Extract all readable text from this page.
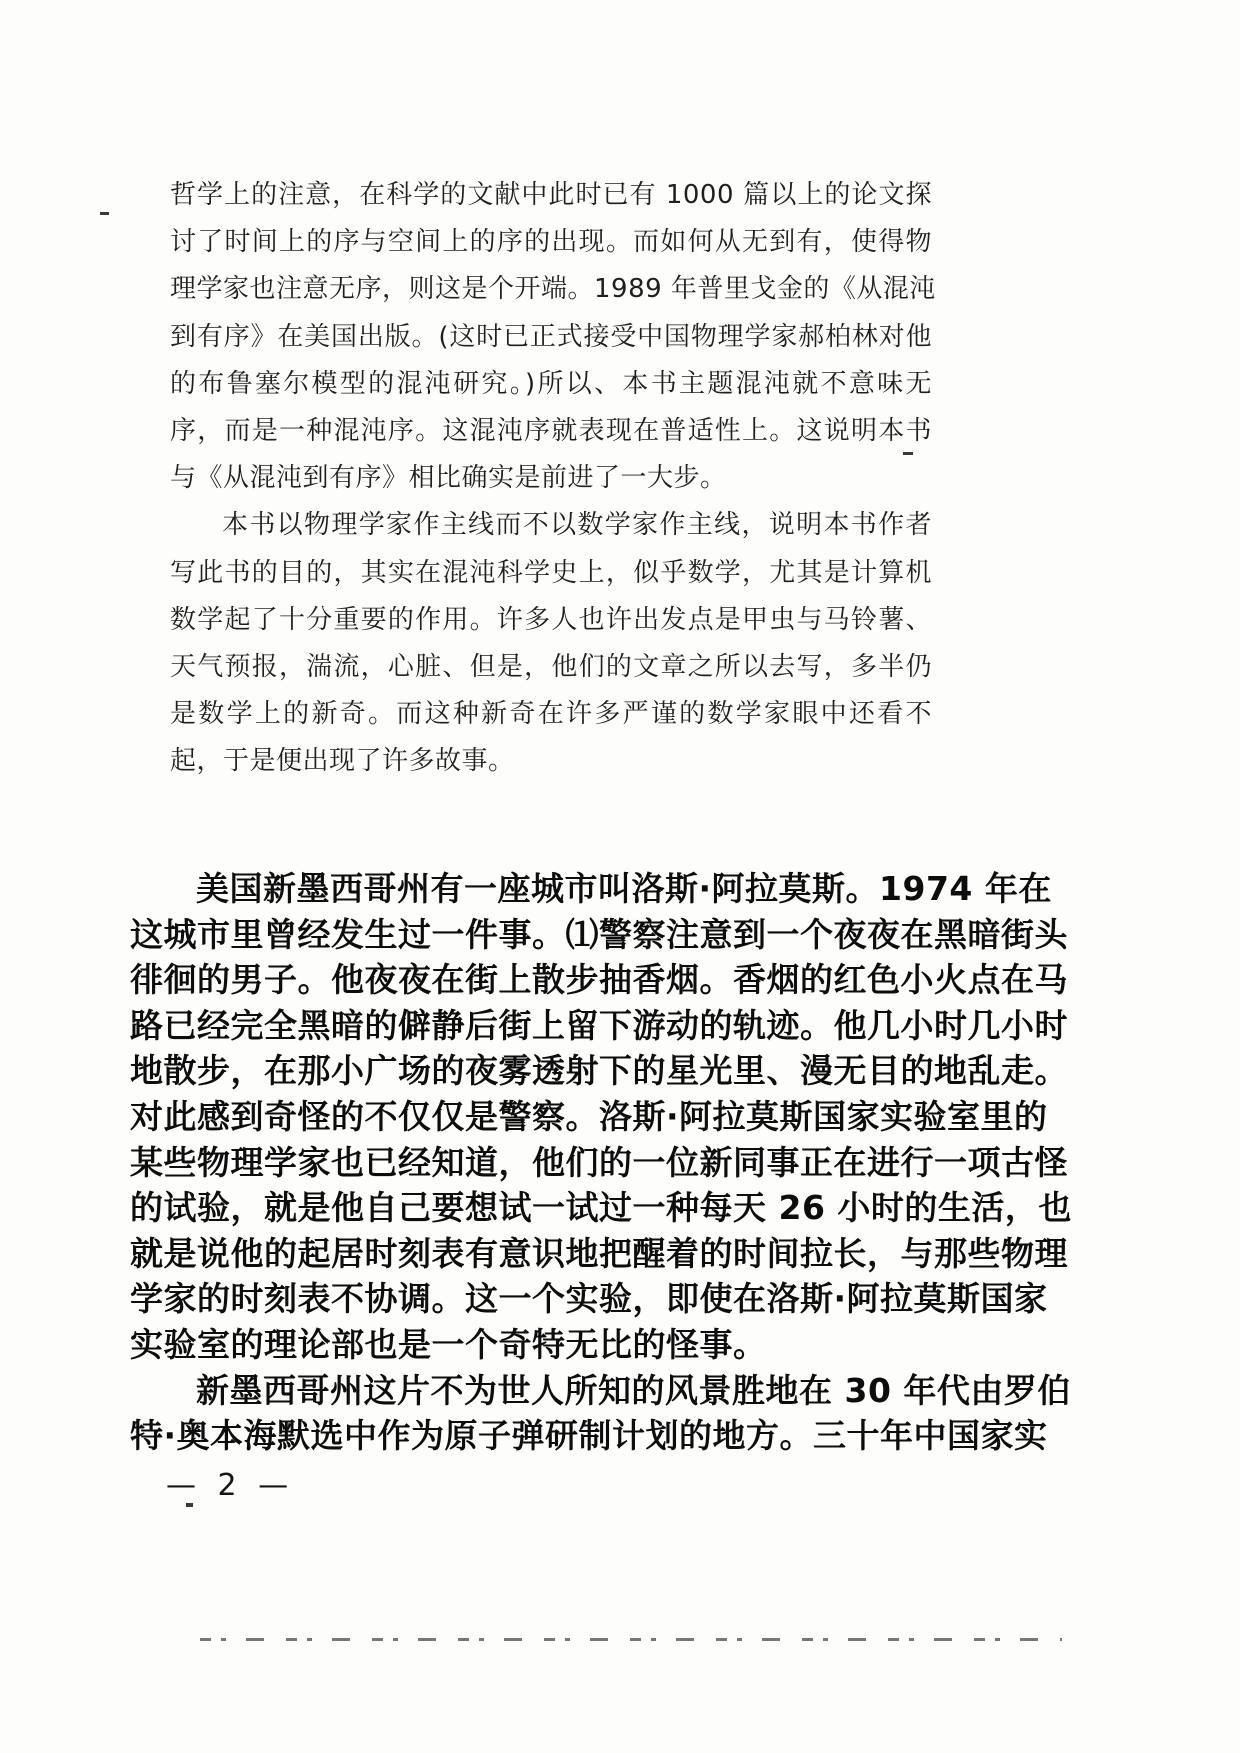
哲学上的注意，在科学的文献中此时已有 1000 篇以上的论文探
讨了时间上的序与空间上的序的出现。而如何从无到有，使得物
理学家也注意无序，则这是个开端。1989 年普里戈金的《从混沌
到有序》在美国出版。(这时已正式接受中国物理学家郝柏林对他
的布鲁塞尔模型的混沌研究。)所以、本书主题混沌就不意味无
序，而是一种混沌序。这混沌序就表现在普适性上。这说明本书
与《从混沌到有序》相比确实是前进了一大步。
本书以物理学家作主线而不以数学家作主线，说明本书作者
写此书的目的，其实在混沌科学史上，似乎数学，尤其是计算机
数学起了十分重要的作用。许多人也许出发点是甲虫与马铃薯、
天气预报，湍流，心脏、但是，他们的文章之所以去写，多半仍
是数学上的新奇。而这种新奇在许多严谨的数学家眼中还看不
起，于是便出现了许多故事。
美国新墨西哥州有一座城市叫洛斯·阿拉莫斯。1974 年在
这城市里曾经发生过一件事。⑴警察注意到一个夜夜在黑暗街头
徘徊的男子。他夜夜在街上散步抽香烟。香烟的红色小火点在马
路已经完全黑暗的僻静后街上留下游动的轨迹。他几小时几小时
地散步，在那小广场的夜雾透射下的星光里、漫无目的地乱走。
对此感到奇怪的不仅仅是警察。洛斯·阿拉莫斯国家实验室里的
某些物理学家也已经知道，他们的一位新同事正在进行一项古怪
的试验，就是他自己要想试一试过一种每天 26 小时的生活，也
就是说他的起居时刻表有意识地把醒着的时间拉长，与那些物理
学家的时刻表不协调。这一个实验，即使在洛斯·阿拉莫斯国家
实验室的理论部也是一个奇特无比的怪事。
新墨西哥州这片不为世人所知的风景胜地在 30 年代由罗伯
特·奥本海默选中作为原子弹研制计划的地方。三十年中国家实
— 2 —
